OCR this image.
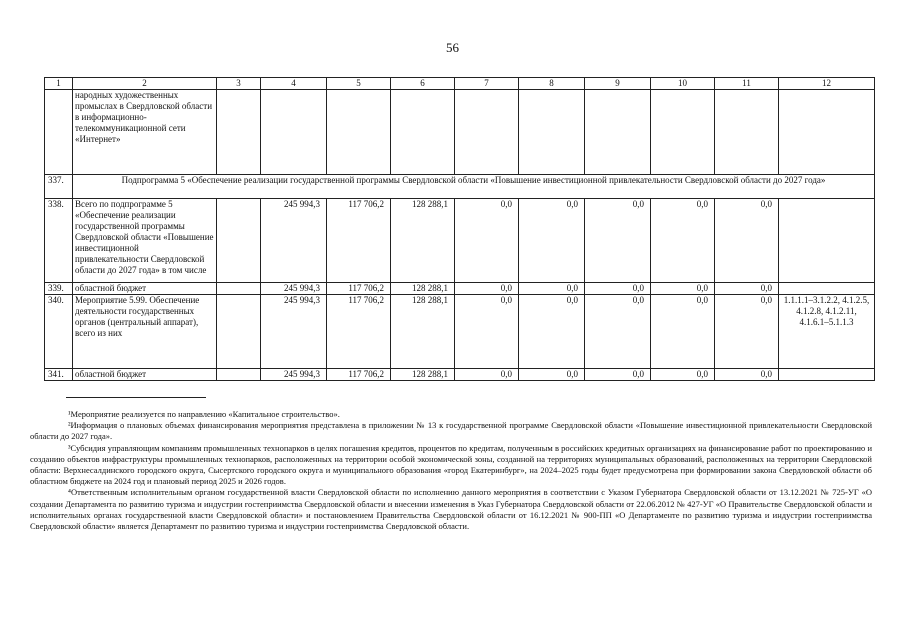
56
1	2	3	4	5	6	7	8	9	10	11	12
	народных художественных промыслах в Свердловской области в информационно-телекоммуникационной сети «Интернет»										
337.	Подпрограмма 5 «Обеспечение реализации государственной программы Свердловской области «Повышение инвестиционной привлекательности Свердловской области до 2027 года»										
338.	Всего по подпрограмме 5 «Обеспечение реализации государственной программы Свердловской области «Повышение инвестиционной привлекательности Свердловской области до 2027 года» в том числе		245 994,3	117 706,2	128 288,1	0,0	0,0	0,0	0,0	0,0	
339.	областной бюджет		245 994,3	117 706,2	128 288,1	0,0	0,0	0,0	0,0	0,0	
340.	Мероприятие 5.99. Обеспечение деятельности государственных органов (центральный аппарат), всего из них		245 994,3	117 706,2	128 288,1	0,0	0,0	0,0	0,0	0,0	1.1.1.1–3.1.2.2, 4.1.2.5, 4.1.2.8, 4.1.2.11, 4.1.6.1–5.1.1.3
341.	областной бюджет		245 994,3	117 706,2	128 288,1	0,0	0,0	0,0	0,0	0,0	

¹Мероприятие реализуется по направлению «Капитальное строительство».

²Информация о плановых объемах финансирования мероприятия представлена в приложении № 13 к государственной программе Свердловской области «Повышение инвестиционной привлекательности Свердловской области до 2027 года».

³Субсидия управляющим компаниям промышленных технопарков в целях погашения кредитов, процентов по кредитам, полученным в российских кредитных организациях на финансирование работ по проектированию и созданию объектов инфраструктуры промышленных технопарков, расположенных на территории особой экономической зоны, созданной на территориях муниципальных образований, расположенных на территории Свердловской области: Верхнесалдинского городского округа, Сысертского городского округа и муниципального образования «город Екатеринбург», на 2024–2025 годы будет предусмотрена при формировании закона Свердловской области об областном бюджете на 2024 год и плановый период 2025 и 2026 годов.

⁴Ответственным исполнительным органом государственной власти Свердловской области по исполнению данного мероприятия в соответствии с Указом Губернатора Свердловской области от 13.12.2021 № 725-УГ «О создании Департамента по развитию туризма и индустрии гостеприимства Свердловской области и внесении изменения в Указ Губернатора Свердловской области от 22.06.2012 № 427-УГ «О Правительстве Свердловской области и исполнительных органах государственной власти Свердловской области» и постановлением Правительства Свердловской области от 16.12.2021 № 900-ПП «О Департаменте по развитию туризма и индустрии гостеприимства Свердловской области» является Департамент по развитию туризма и индустрии гостеприимства Свердловской области.
